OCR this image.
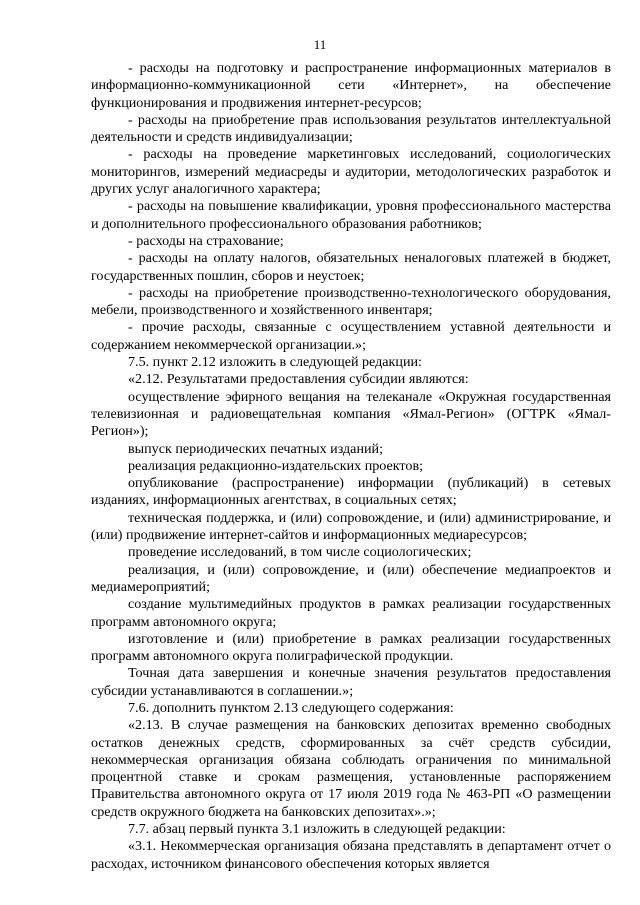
11

- расходы на подготовку и распространение информационных материалов в информационно-коммуникационной сети «Интернет», на обеспечение функционирования и продвижения интернет-ресурсов;

- расходы на приобретение прав использования результатов интеллектуальной деятельности и средств индивидуализации;

- расходы на проведение маркетинговых исследований, социологических мониторингов, измерений медиасреды и аудитории, методологических разработок и других услуг аналогичного характера;

- расходы на повышение квалификации, уровня профессионального мастерства и дополнительного профессионального образования работников;

- расходы на страхование;

- расходы на оплату налогов, обязательных неналоговых платежей в бюджет, государственных пошлин, сборов и неустоек;

- расходы на приобретение производственно-технологического оборудования, мебели, производственного и хозяйственного инвентаря;

- прочие расходы, связанные с осуществлением уставной деятельности и содержанием некоммерческой организации.»;

7.5. пункт 2.12 изложить в следующей редакции:

«2.12. Результатами предоставления субсидии являются:

осуществление эфирного вещания на телеканале «Окружная государственная телевизионная и радиовещательная компания «Ямал-Регион» (ОГТРК «Ямал-Регион»);

выпуск периодических печатных изданий;

реализация редакционно-издательских проектов;

опубликование (распространение) информации (публикаций) в сетевых изданиях, информационных агентствах, в социальных сетях;

техническая поддержка, и (или) сопровождение, и (или) администрирование, и (или) продвижение интернет-сайтов и информационных медиаресурсов;

проведение исследований, в том числе социологических;

реализация, и (или) сопровождение, и (или) обеспечение медиапроектов и медиамероприятий;

создание мультимедийных продуктов в рамках реализации государственных программ автономного округа;

изготовление и (или) приобретение в рамках реализации государственных программ автономного округа полиграфической продукции.

Точная дата завершения и конечные значения результатов предоставления субсидии устанавливаются в соглашении.»;

7.6. дополнить пунктом 2.13 следующего содержания:

«2.13. В случае размещения на банковских депозитах временно свободных остатков денежных средств, сформированных за счёт средств субсидии, некоммерческая организация обязана соблюдать ограничения по минимальной процентной ставке и срокам размещения, установленные распоряжением Правительства автономного округа от 17 июля 2019 года № 463-РП «О размещении средств окружного бюджета на банковских депозитах».»;

7.7. абзац первый пункта 3.1 изложить в следующей редакции:

«3.1. Некоммерческая организация обязана представлять в департамент отчет о расходах, источником финансового обеспечения которых является
